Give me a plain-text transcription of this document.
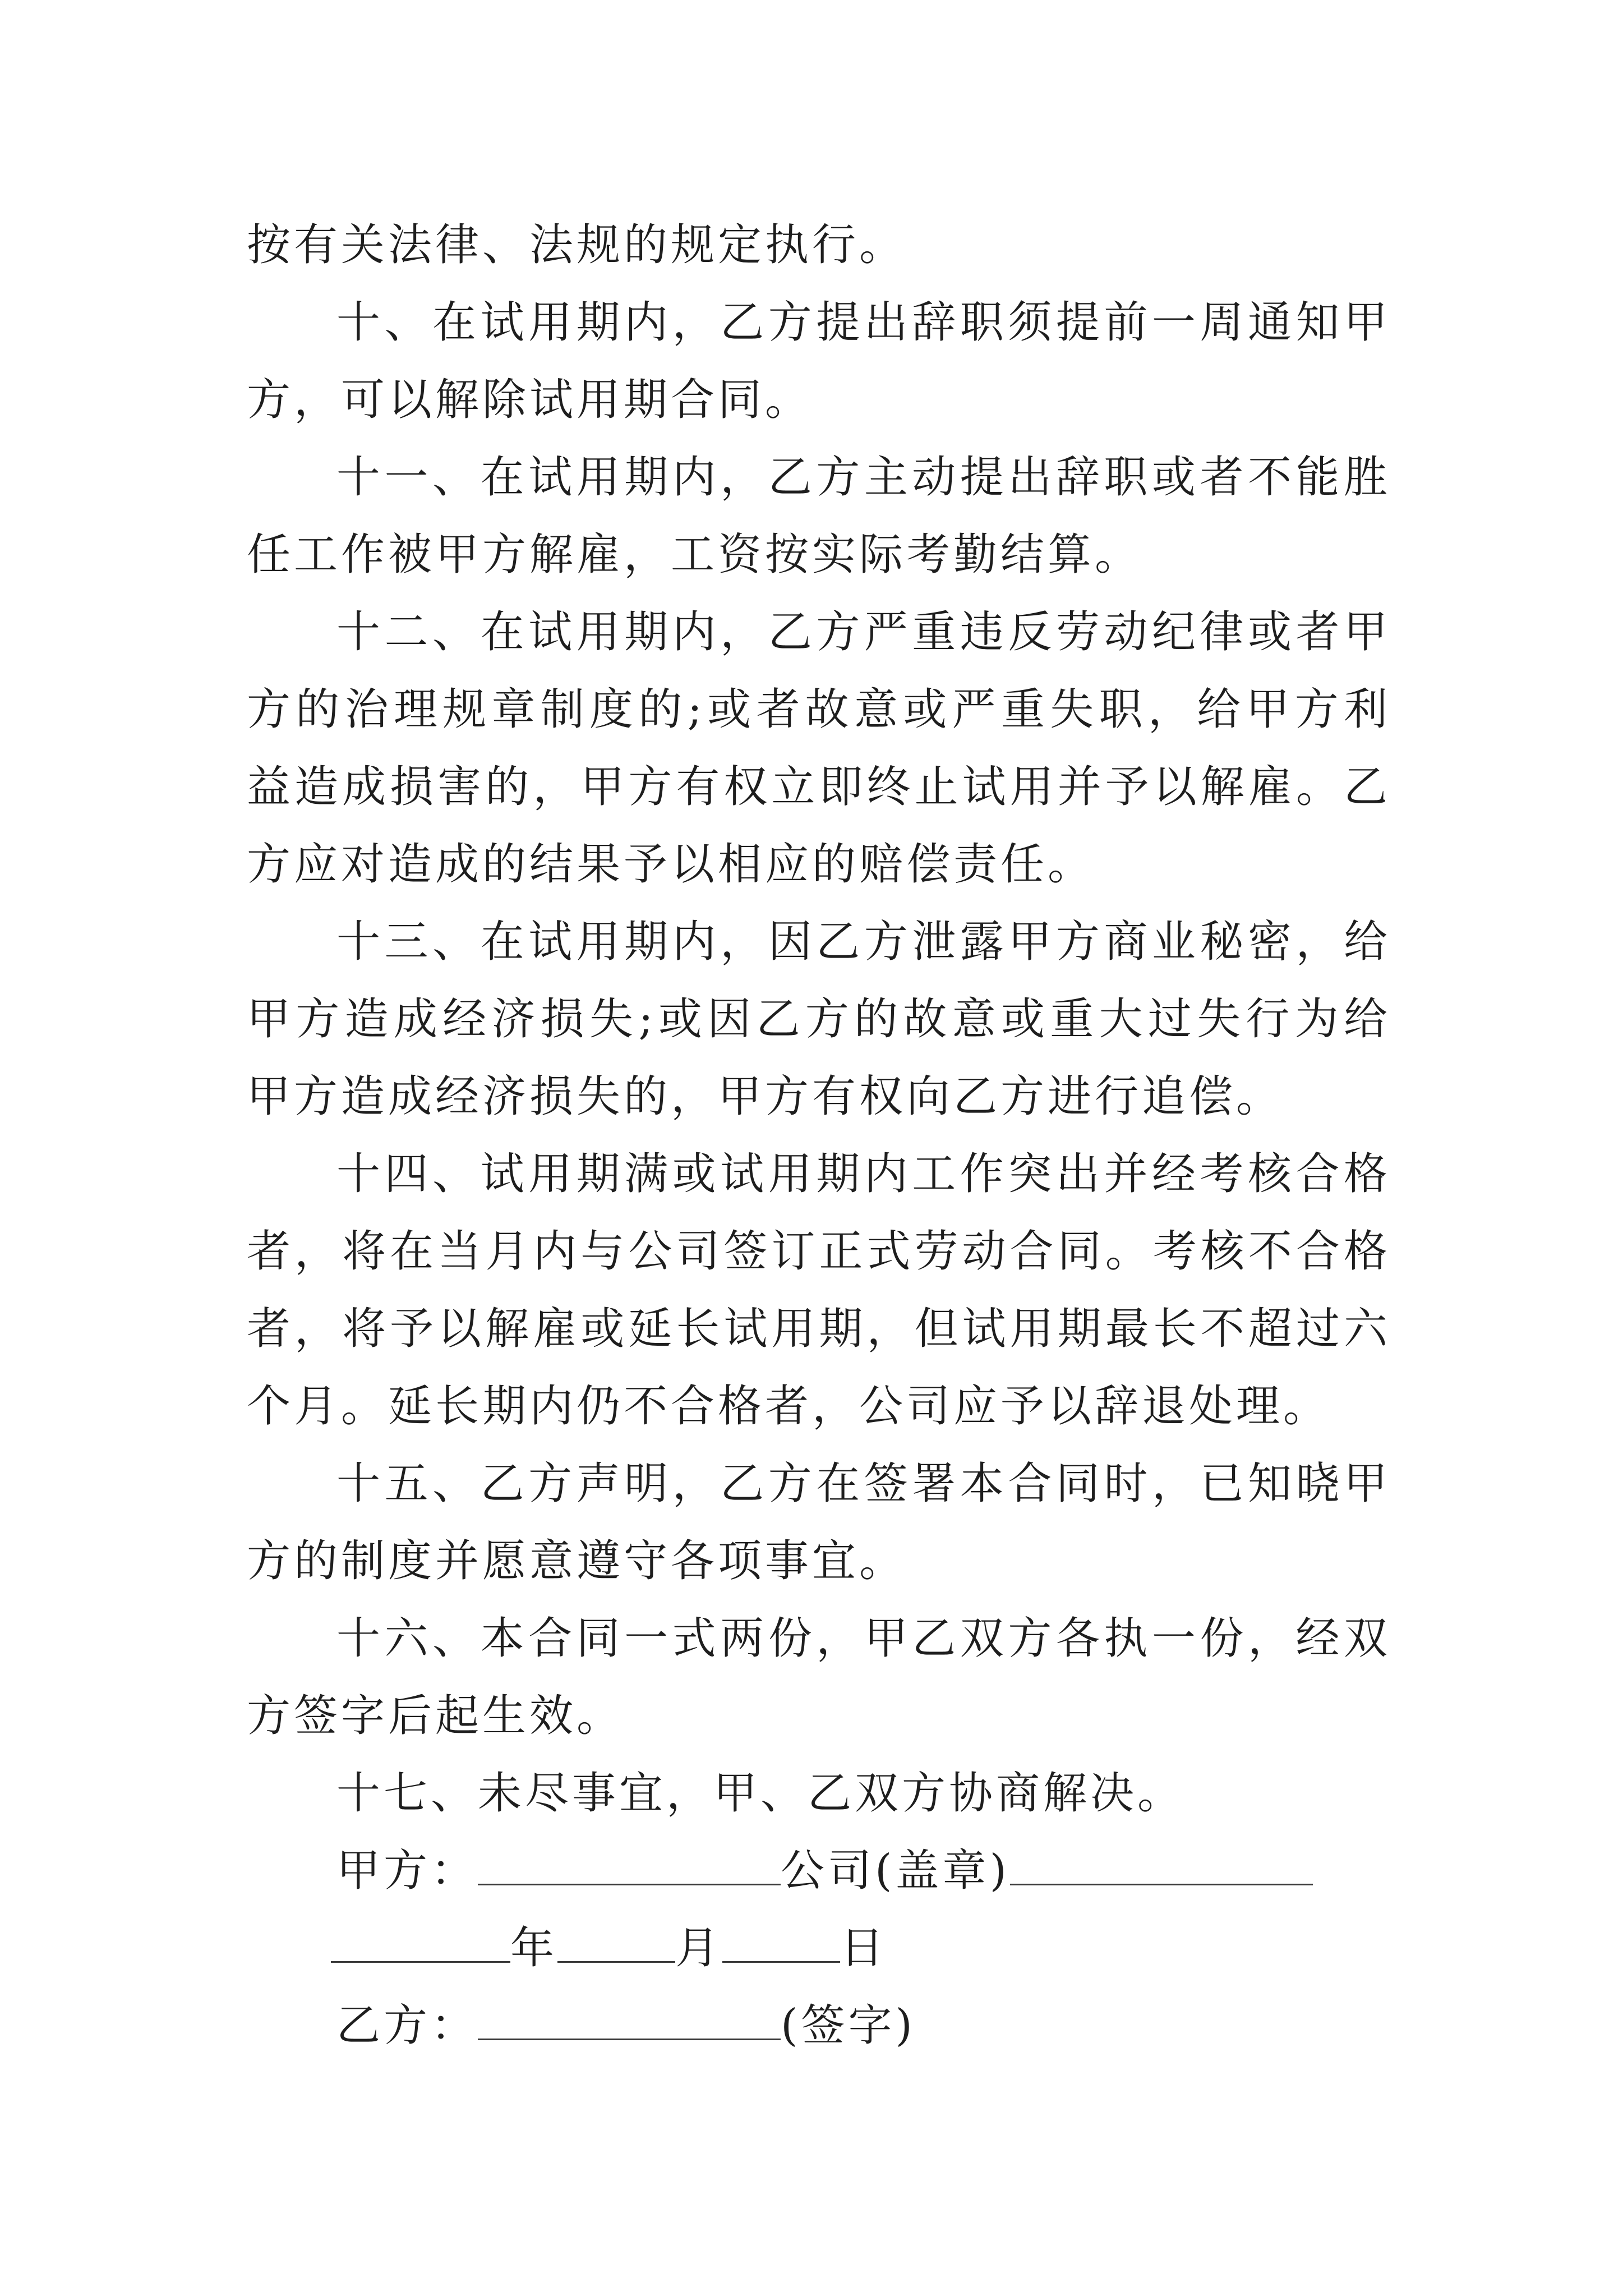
按有关法律、法规的规定执行。

十、在试用期内，乙方提出辞职须提前一周通知甲方，可以解除试用期合同。

十一、在试用期内，乙方主动提出辞职或者不能胜任工作被甲方解雇，工资按实际考勤结算。

十二、在试用期内，乙方严重违反劳动纪律或者甲方的治理规章制度的;或者故意或严重失职，给甲方利益造成损害的，甲方有权立即终止试用并予以解雇。乙方应对造成的结果予以相应的赔偿责任。

十三、在试用期内，因乙方泄露甲方商业秘密，给甲方造成经济损失;或因乙方的故意或重大过失行为给甲方造成经济损失的，甲方有权向乙方进行追偿。

十四、试用期满或试用期内工作突出并经考核合格者，将在当月内与公司签订正式劳动合同。考核不合格者，将予以解雇或延长试用期，但试用期最长不超过六个月。延长期内仍不合格者，公司应予以辞退处理。

十五、乙方声明，乙方在签署本合同时，已知晓甲方的制度并愿意遵守各项事宜。

十六、本合同一式两份，甲乙双方各执一份，经双方签字后起生效。

十七、未尽事宜，甲、乙双方协商解决。

甲方：	公司(盖章)

年	月	日

乙方：	(签字)
